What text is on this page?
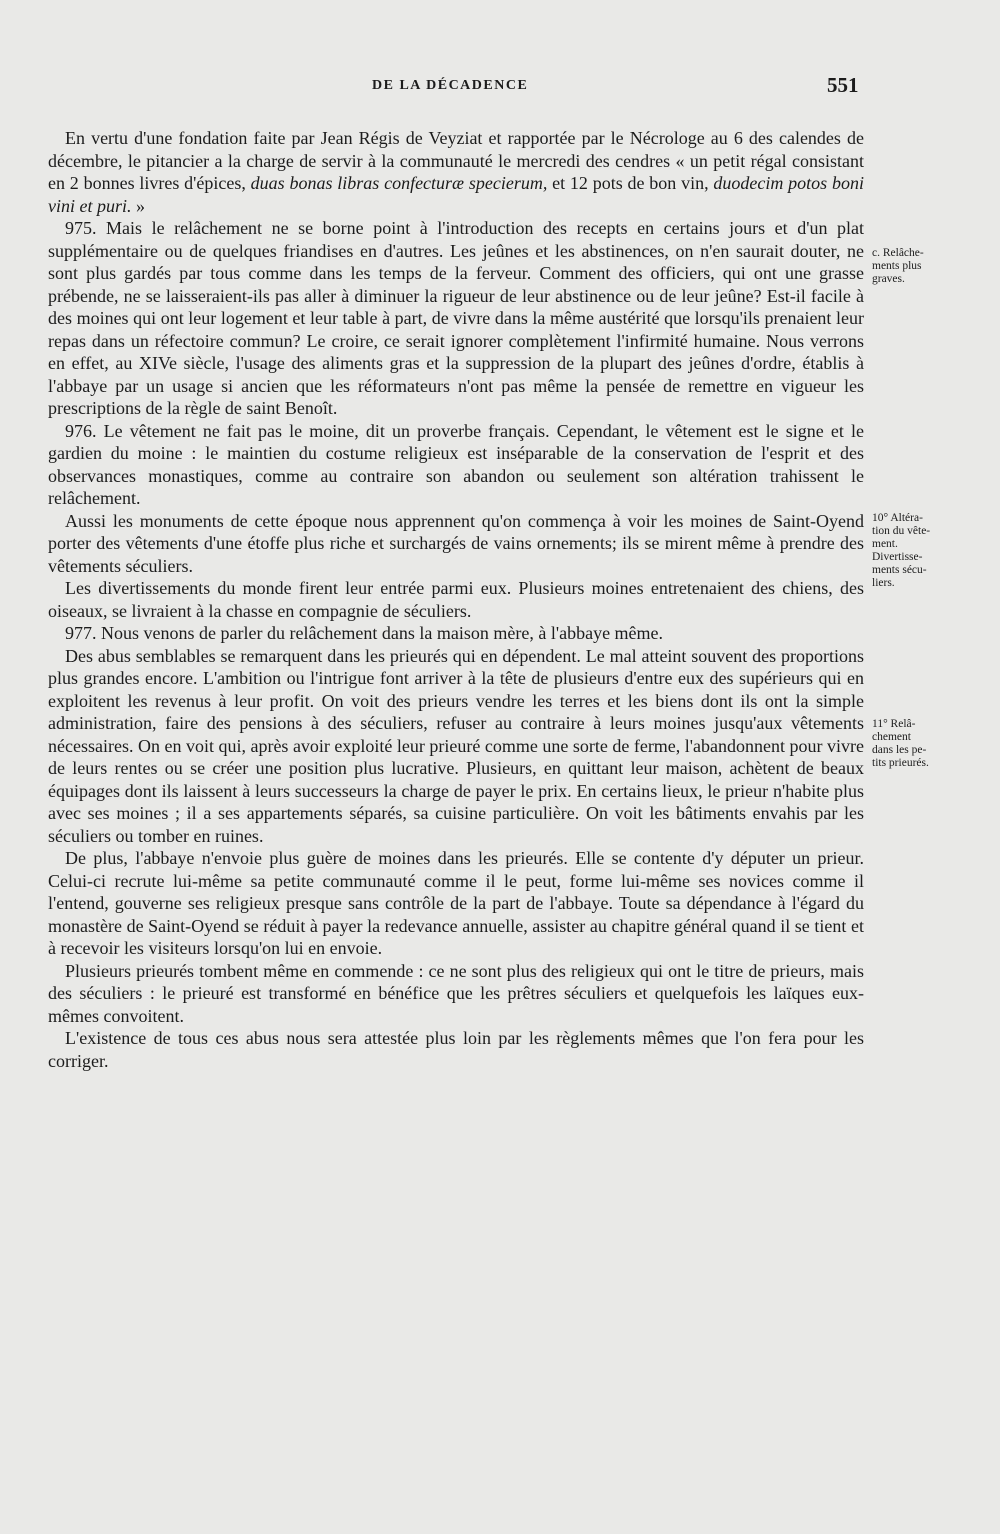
DE LA DÉCADENCE	551

En vertu d'une fondation faite par Jean Régis de Veyziat et rapportée par le Nécrologe au 6 des calendes de décembre, le pitancier a la charge de servir à la communauté le mercredi des cendres « un petit régal consistant en 2 bonnes livres d'épices, duas bonas libras confecturæ specierum, et 12 pots de bon vin, duodecim potos boni vini et puri. »

975. Mais le relâchement ne se borne point à l'introduction des recepts en certains jours et d'un plat supplémentaire ou de quelques friandises en d'autres. Les jeûnes et les abstinences, on n'en saurait douter, ne sont plus gardés par tous comme dans les temps de la ferveur. Comment des officiers, qui ont une grasse prébende, ne se laisseraient-ils pas aller à diminuer la rigueur de leur abstinence ou de leur jeûne? Est-il facile à des moines qui ont leur logement et leur table à part, de vivre dans la même austérité que lorsqu'ils prenaient leur repas dans un réfectoire commun? Le croire, ce serait ignorer complètement l'infirmité humaine. Nous verrons en effet, au XIVe siècle, l'usage des aliments gras et la suppression de la plupart des jeûnes d'ordre, établis à l'abbaye par un usage si ancien que les réformateurs n'ont pas même la pensée de remettre en vigueur les prescriptions de la règle de saint Benoît.

976. Le vêtement ne fait pas le moine, dit un proverbe français. Cependant, le vêtement est le signe et le gardien du moine : le maintien du costume religieux est inséparable de la conservation de l'esprit et des observances monastiques, comme au contraire son abandon ou seulement son altération trahissent le relâchement.

Aussi les monuments de cette époque nous apprennent qu'on commença à voir les moines de Saint-Oyend porter des vêtements d'une étoffe plus riche et surchargés de vains ornements; ils se mirent même à prendre des vêtements séculiers.

Les divertissements du monde firent leur entrée parmi eux. Plusieurs moines entretenaient des chiens, des oiseaux, se livraient à la chasse en compagnie de séculiers.

977. Nous venons de parler du relâchement dans la maison mère, à l'abbaye même.

Des abus semblables se remarquent dans les prieurés qui en dépendent. Le mal atteint souvent des proportions plus grandes encore. L'ambition ou l'intrigue font arriver à la tête de plusieurs d'entre eux des supérieurs qui en exploitent les revenus à leur profit. On voit des prieurs vendre les terres et les biens dont ils ont la simple administration, faire des pensions à des séculiers, refuser au contraire à leurs moines jusqu'aux vêtements nécessaires. On en voit qui, après avoir exploité leur prieuré comme une sorte de ferme, l'abandonnent pour vivre de leurs rentes ou se créer une position plus lucrative. Plusieurs, en quittant leur maison, achètent de beaux équipages dont ils laissent à leurs successeurs la charge de payer le prix. En certains lieux, le prieur n'habite plus avec ses moines ; il a ses appartements séparés, sa cuisine particulière. On voit les bâtiments envahis par les séculiers ou tomber en ruines.

De plus, l'abbaye n'envoie plus guère de moines dans les prieurés. Elle se contente d'y députer un prieur. Celui-ci recrute lui-même sa petite communauté comme il le peut, forme lui-même ses novices comme il l'entend, gouverne ses religieux presque sans contrôle de la part de l'abbaye. Toute sa dépendance à l'égard du monastère de Saint-Oyend se réduit à payer la redevance annuelle, assister au chapitre général quand il se tient et à recevoir les visiteurs lorsqu'on lui en envoie.

Plusieurs prieurés tombent même en commende : ce ne sont plus des religieux qui ont le titre de prieurs, mais des séculiers : le prieuré est transformé en bénéfice que les prêtres séculiers et quelquefois les laïques eux-mêmes convoitent.

L'existence de tous ces abus nous sera attestée plus loin par les règlements mêmes que l'on fera pour les corriger.

c. Relâche-
ments plus
graves.
10° Altéra-
tion du vête-
ment.
Divertisse-
ments sécu-
liers.
11° Relâ-
chement
dans les pe-
tits prieurés.
